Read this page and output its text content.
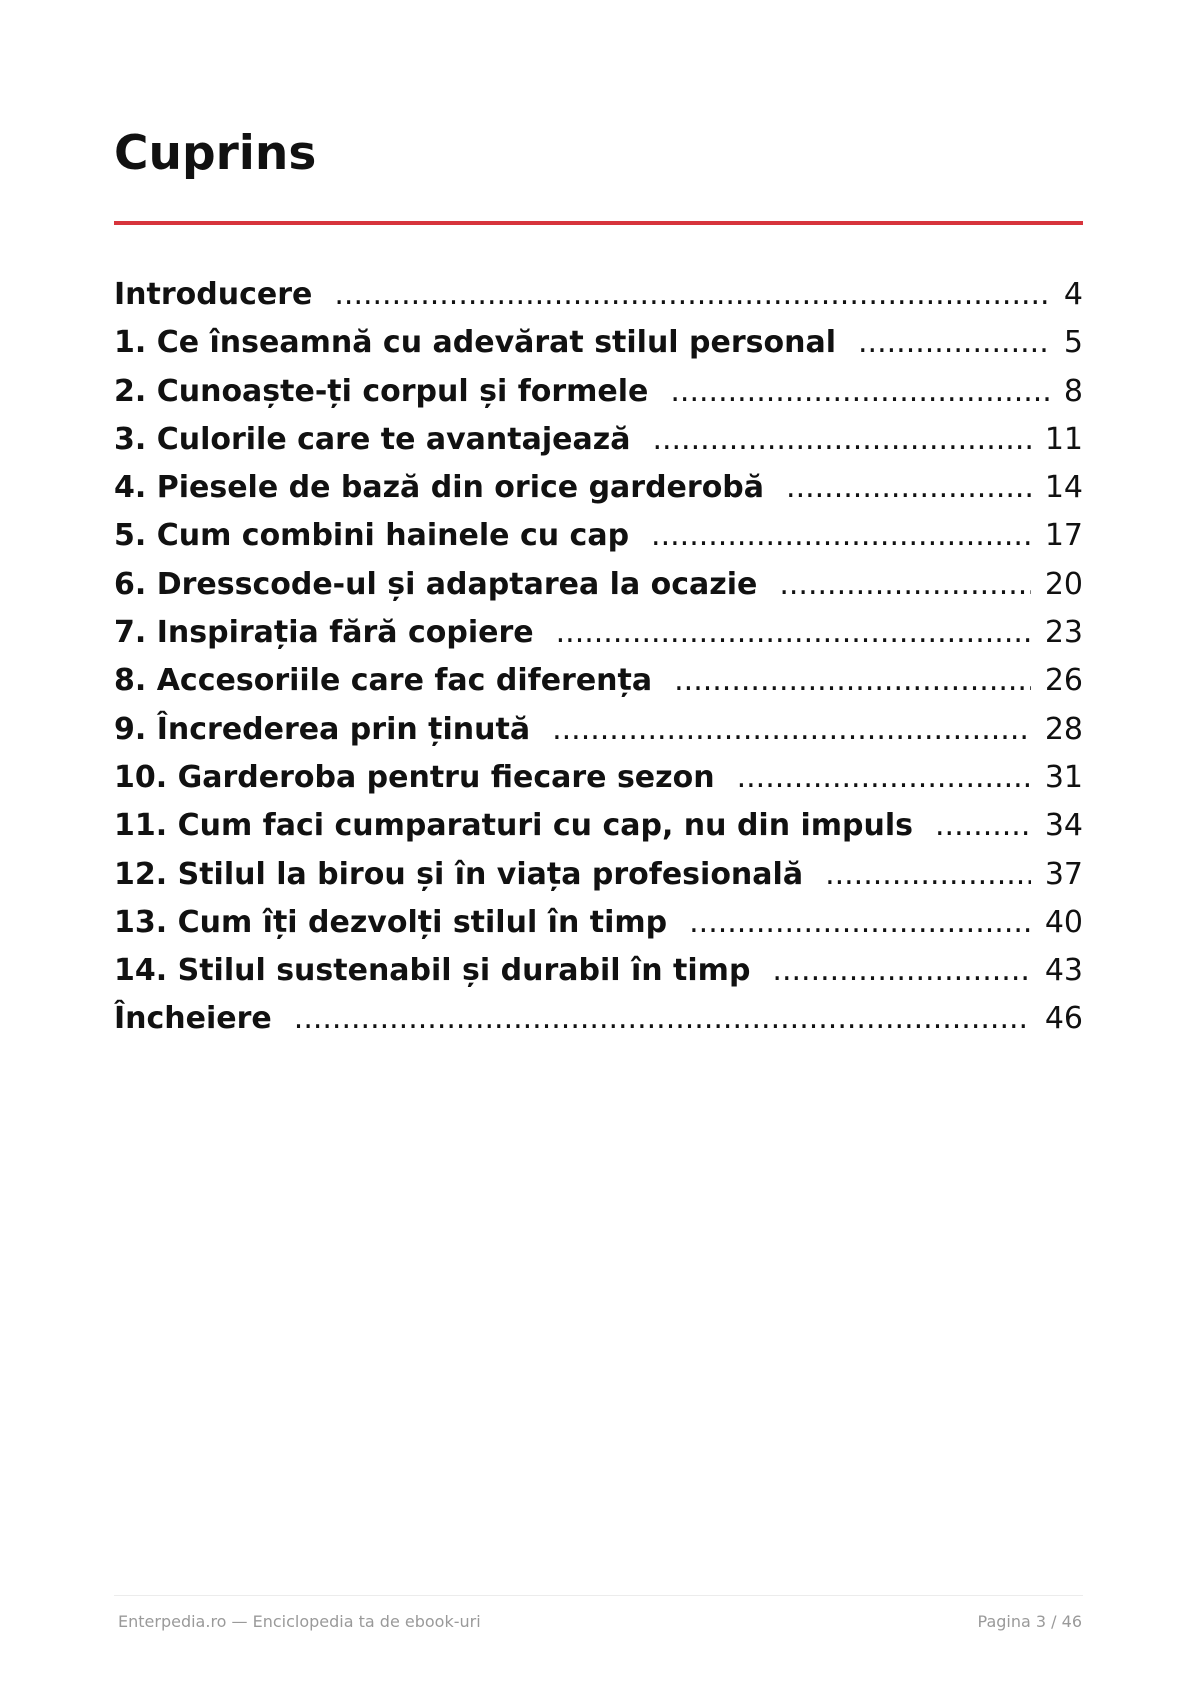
Cuprins
Introducere .....	4
1. Ce înseamnă cu adevărat stilul personal .....	5
2. Cunoaște-ți corpul și formele .....	8
3. Culorile care te avantajează .....	11
4. Piesele de bază din orice garderobă .....	14
5. Cum combini hainele cu cap .....	17
6. Dresscode-ul și adaptarea la ocazie .....	20
7. Inspirația fără copiere .....	23
8. Accesoriile care fac diferența .....	26
9. Încrederea prin ținută .....	28
10. Garderoba pentru fiecare sezon .....	31
11. Cum faci cumparaturi cu cap, nu din impuls .....	34
12. Stilul la birou și în viața profesională .....	37
13. Cum îți dezvolți stilul în timp .....	40
14. Stilul sustenabil și durabil în timp .....	43
Încheiere .....	46
Enterpedia.ro — Enciclopedia ta de ebook-uri	Pagina 3 / 46
